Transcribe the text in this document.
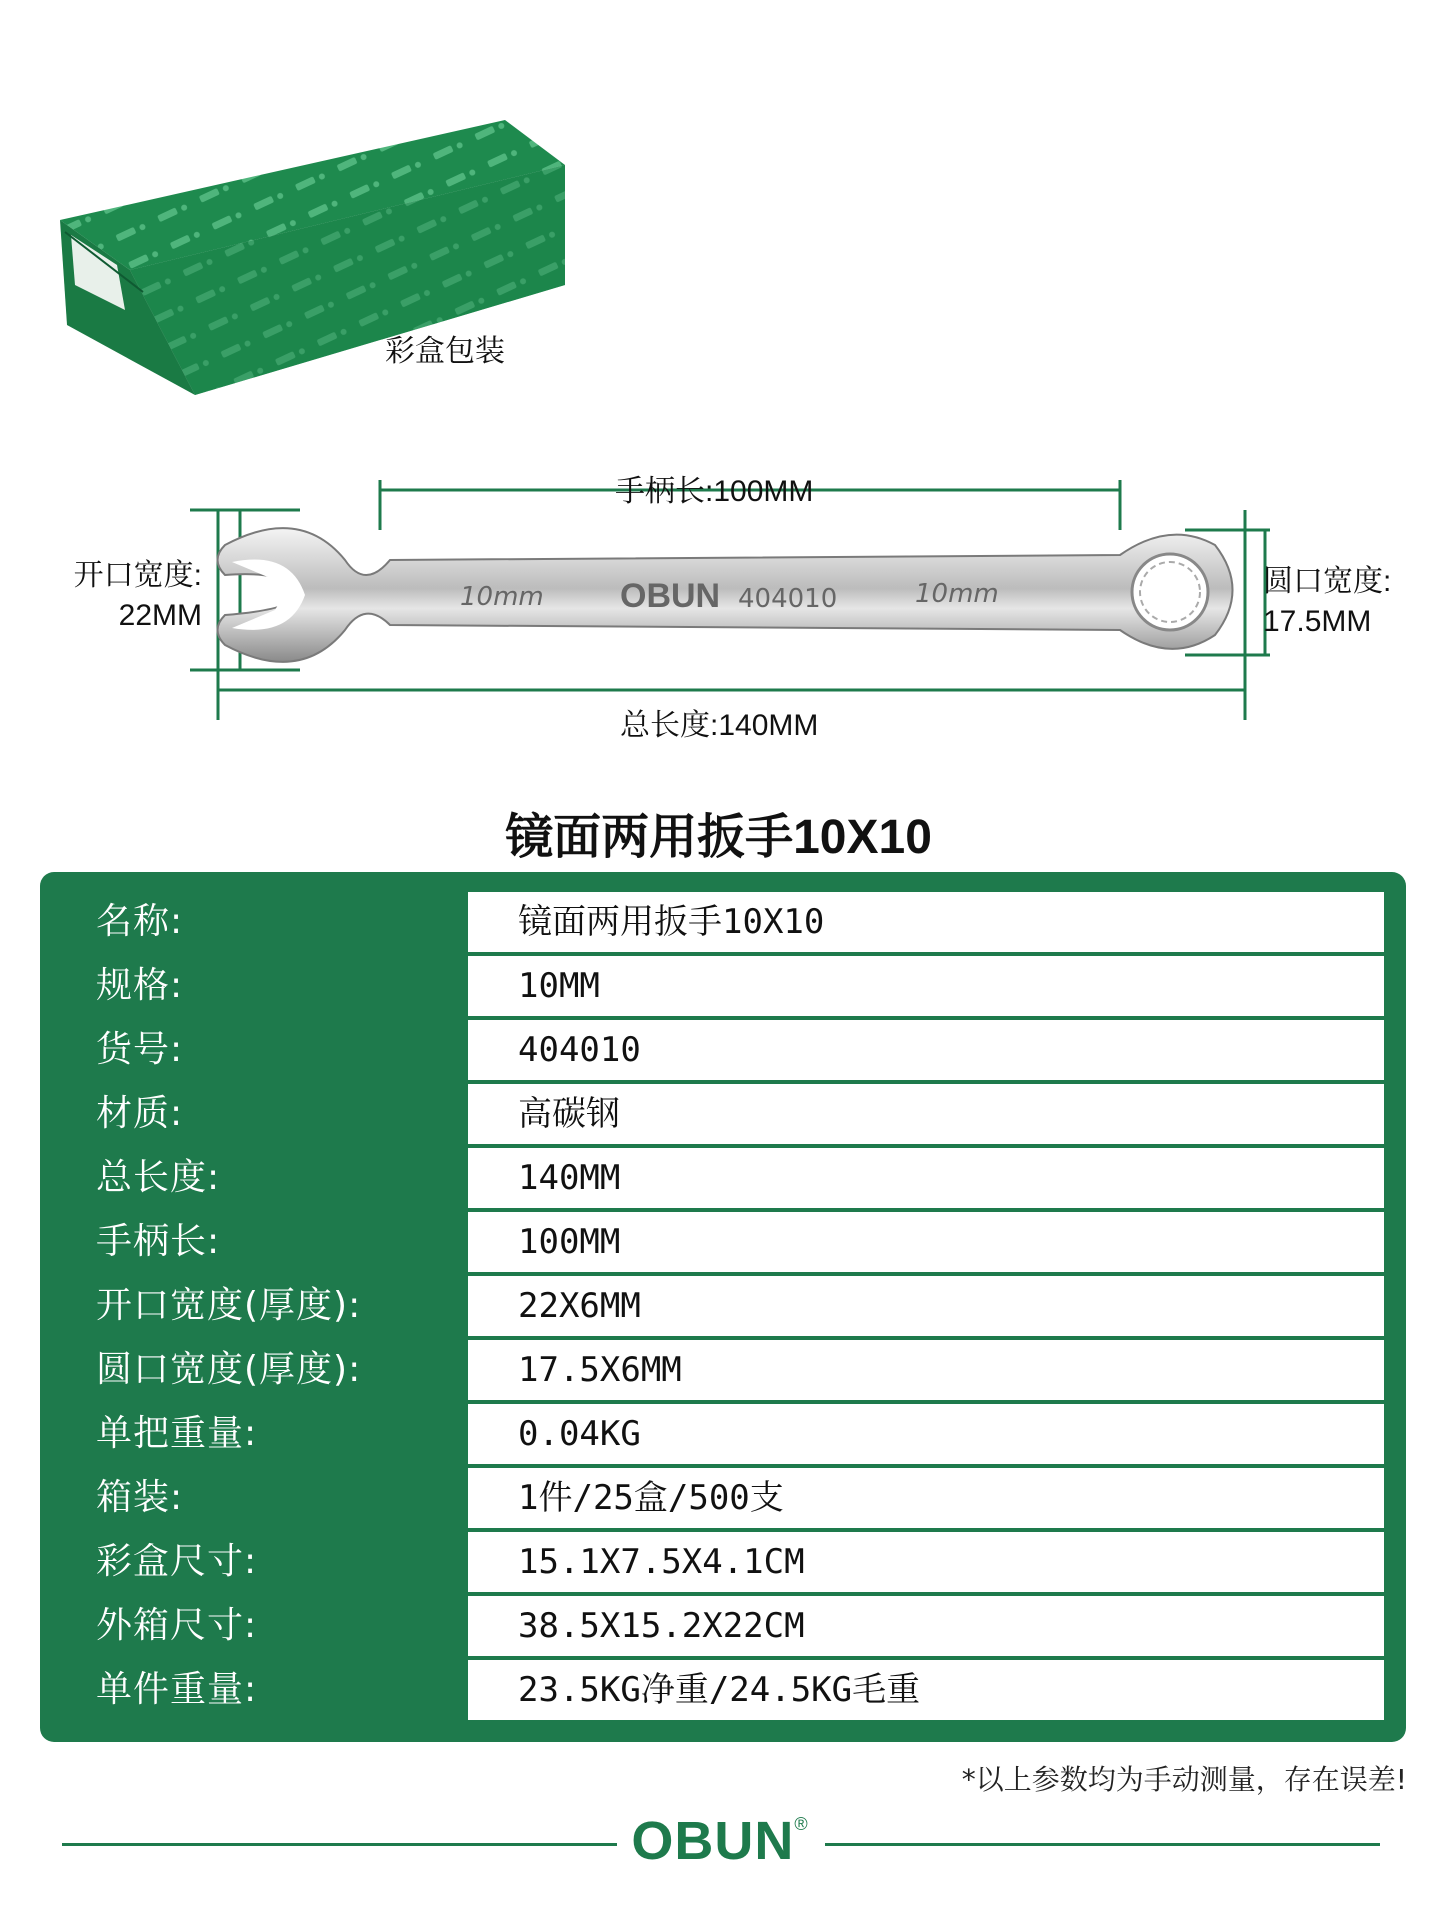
彩盒包装
10mm OBUN 404010	10mm
手柄长:100MM
总长度:140MM
开口宽度:
22MM
圆口宽度:
17.5MM
镜面两用扳手10X10
名称:	镜面两用扳手10X10
规格:	10MM
货号:	404010
材质:	高碳钢
总长度:	140MM
手柄长:	100MM
开口宽度(厚度):	22X6MM
圆口宽度(厚度):	17.5X6MM
单把重量:	0.04KG
箱装:	1件/25盒/500支
彩盒尺寸:	15.1X7.5X4.1CM
外箱尺寸:	38.5X15.2X22CM
单件重量:	23.5KG净重/24.5KG毛重
*以上参数均为手动测量，存在误差!
OBUN®
